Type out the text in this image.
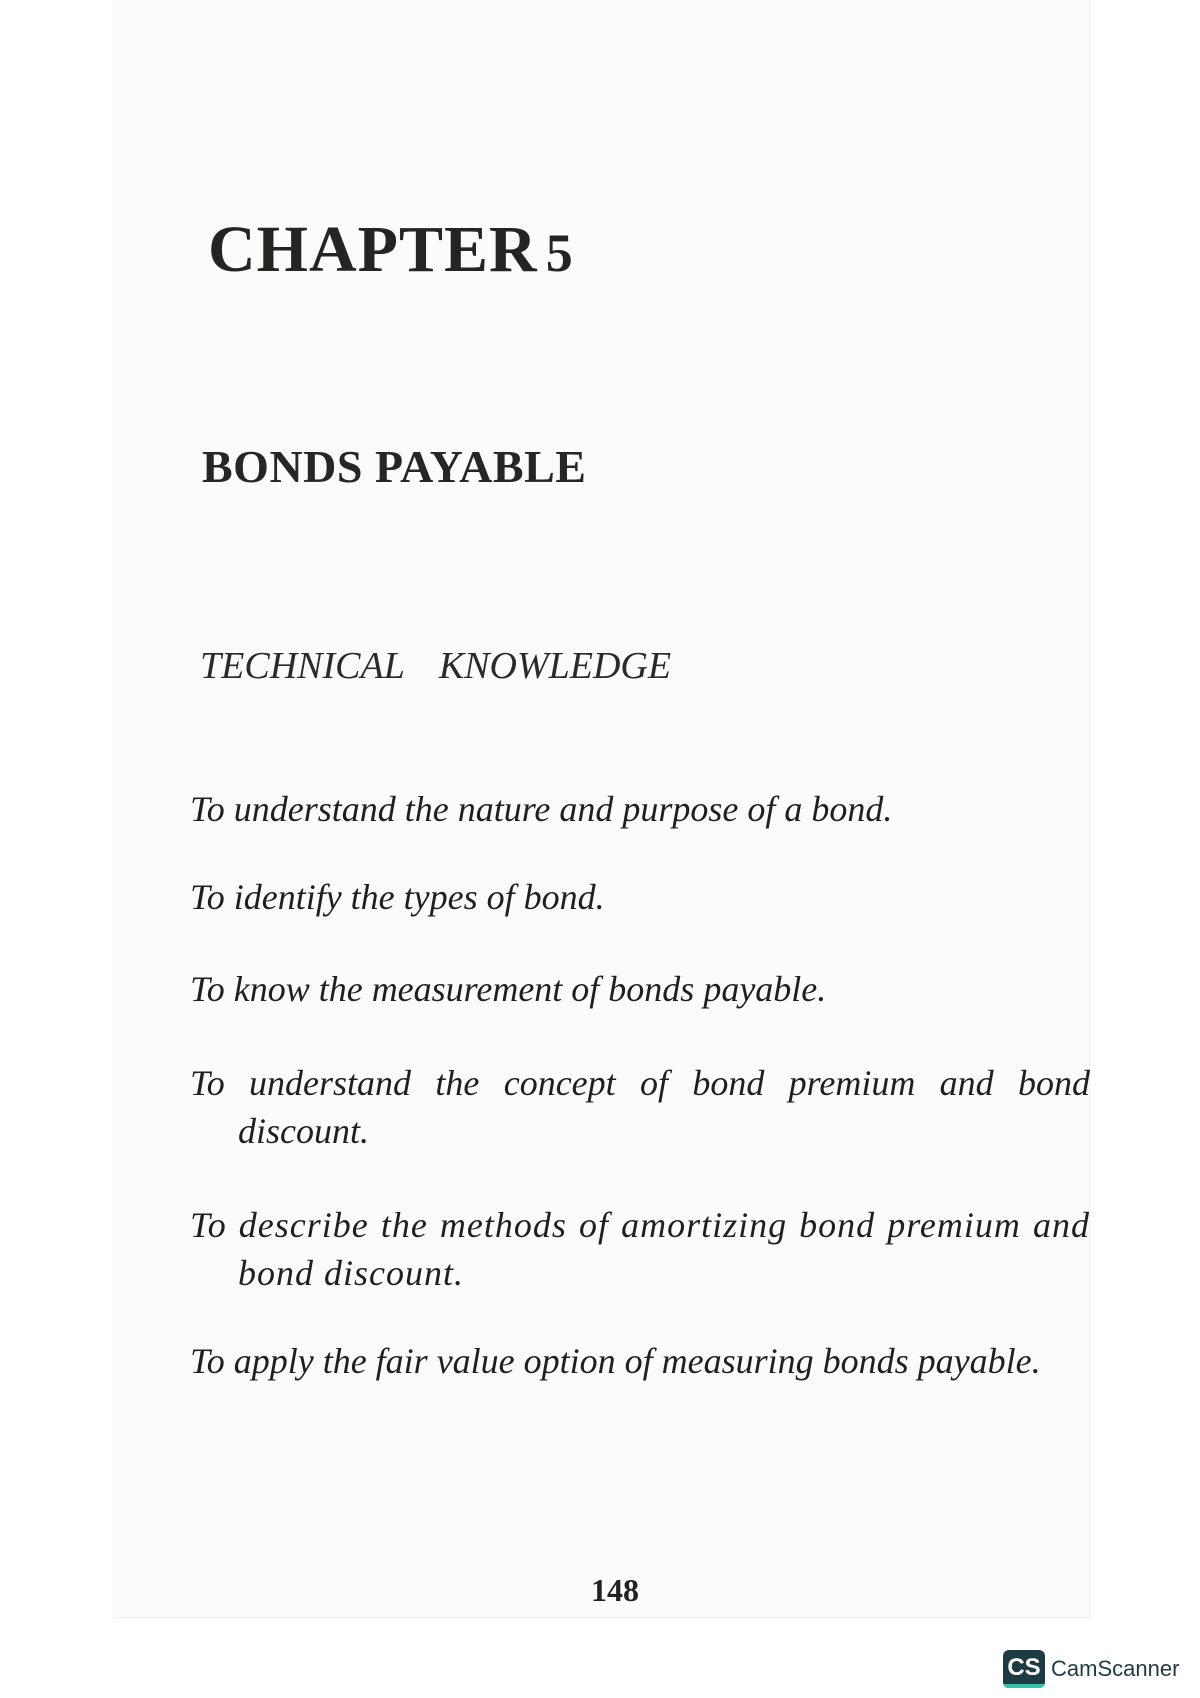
CHAPTER 5
BONDS PAYABLE
TECHNICAL KNOWLEDGE
To understand the nature and purpose of a bond.
To identify the types of bond.
To know the measurement of bonds payable.
To understand the concept of bond premium and bond discount.
To describe the methods of amortizing bond premium and bond discount.
To apply the fair value option of measuring bonds payable.
148
CS CamScanner
